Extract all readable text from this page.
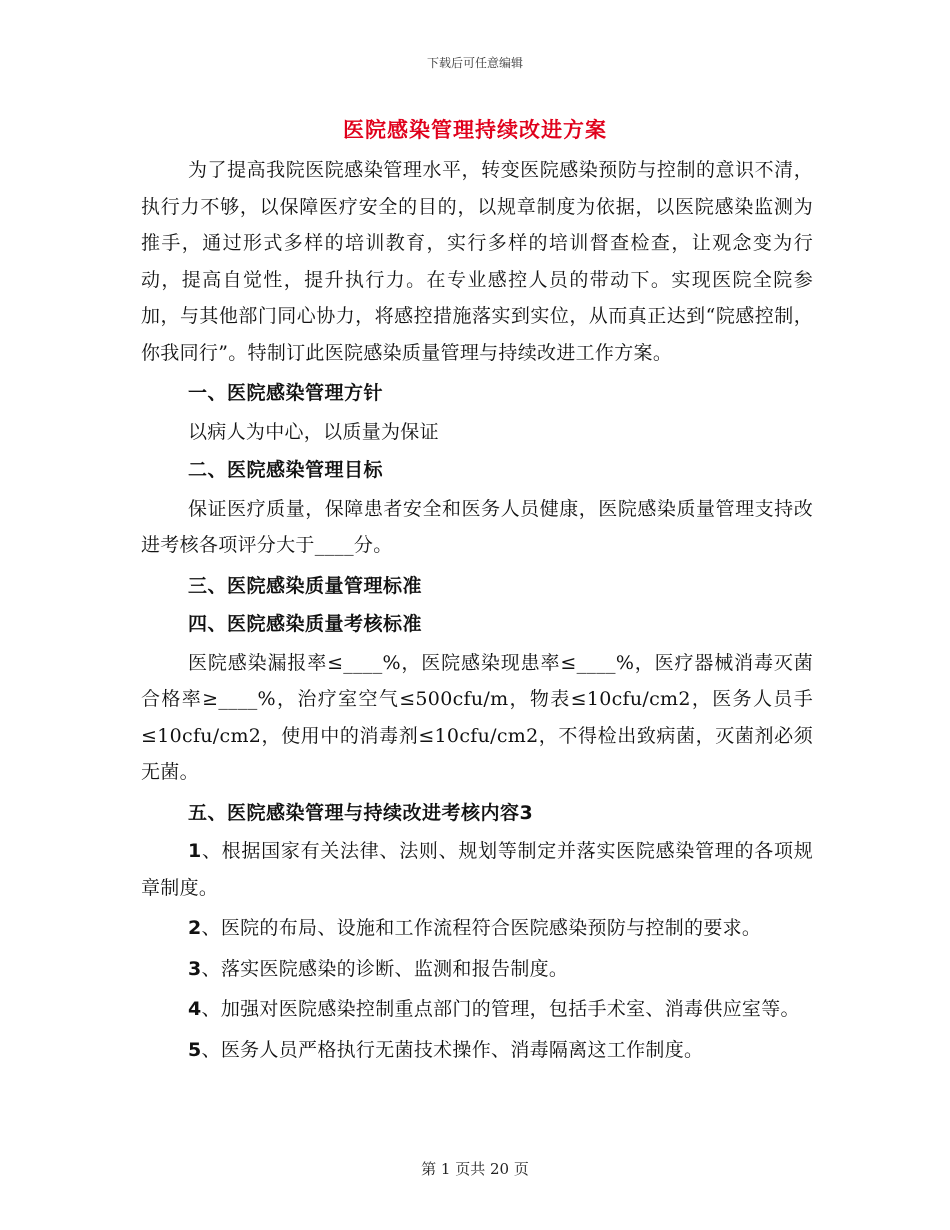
下载后可任意编辑
医院感染管理持续改进方案

为了提高我院医院感染管理水平，转变医院感染预防与控制的意识不清，执行力不够，以保障医疗安全的目的，以规章制度为依据，以医院感染监测为推手，通过形式多样的培训教育，实行多样的培训督查检查，让观念变为行动，提高自觉性，提升执行力。在专业感控人员的带动下。实现医院全院参加，与其他部门同心协力，将感控措施落实到实位，从而真正达到“院感控制，你我同行”。特制订此医院感染质量管理与持续改进工作方案。

一、医院感染管理方针

以病人为中心，以质量为保证

二、医院感染管理目标

保证医疗质量，保障患者安全和医务人员健康，医院感染质量管理支持改进考核各项评分大于____分。

三、医院感染质量管理标准

四、医院感染质量考核标准

医院感染漏报率≤____%，医院感染现患率≤____%，医疗器械消毒灭菌合格率≥____%，治疗室空气≤500cfu/m，物表≤10cfu/cm2，医务人员手≤10cfu/cm2，使用中的消毒剂≤10cfu/cm2，不得检出致病菌，灭菌剂必须无菌。

五、医院感染管理与持续改进考核内容3

1、根据国家有关法律、法则、规划等制定并落实医院感染管理的各项规章制度。

2、医院的布局、设施和工作流程符合医院感染预防与控制的要求。

3、落实医院感染的诊断、监测和报告制度。

4、加强对医院感染控制重点部门的管理，包括手术室、消毒供应室等。

5、医务人员严格执行无菌技术操作、消毒隔离这工作制度。

第 1 页共 20 页
